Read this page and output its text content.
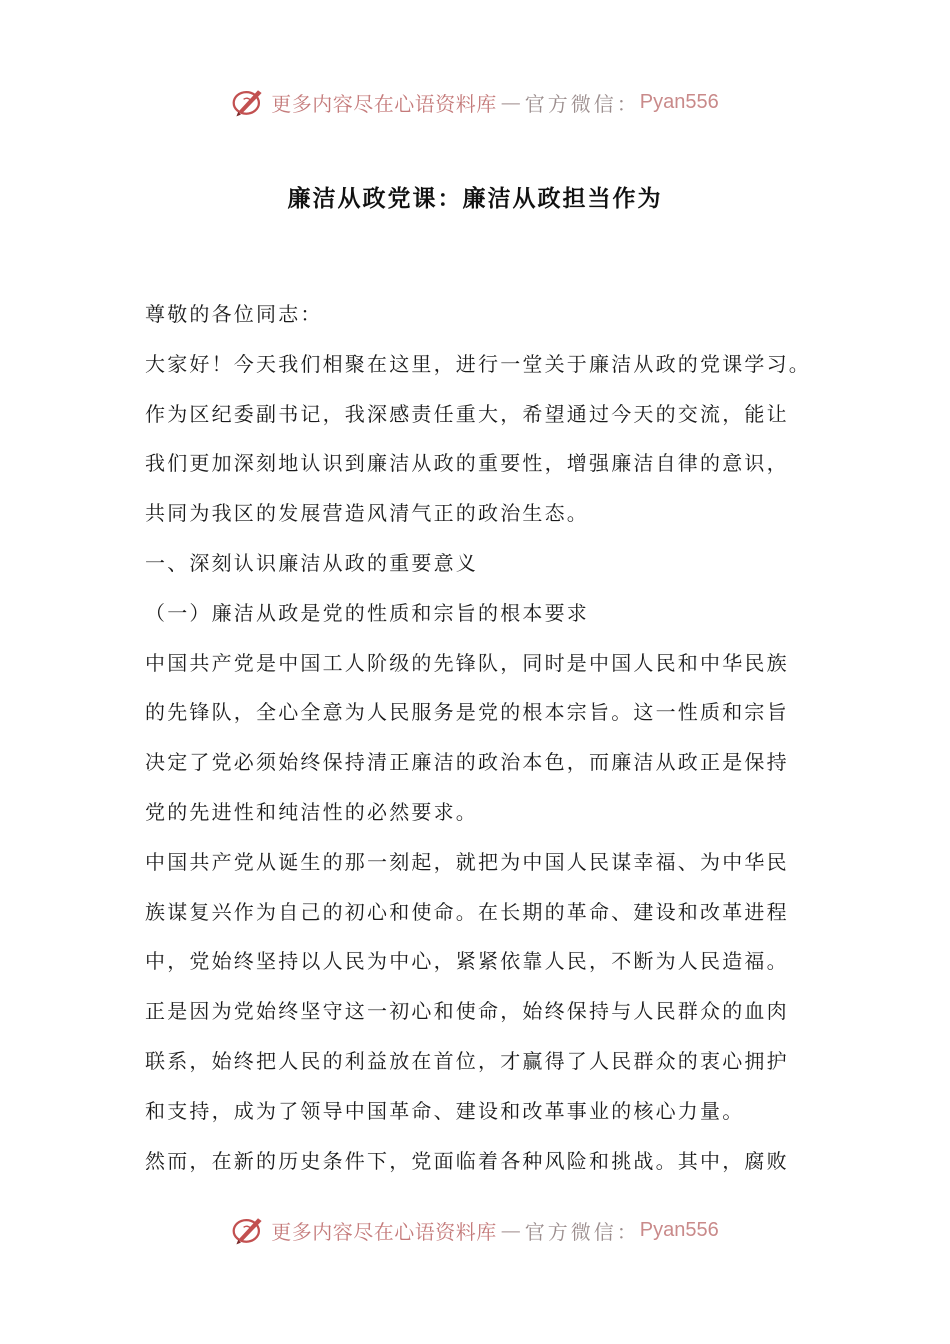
更多内容尽在心语资料库 — 官方微信： Pyan556
廉洁从政党课：廉洁从政担当作为
尊敬的各位同志：
大家好！今天我们相聚在这里，进行一堂关于廉洁从政的党课学习。
作为区纪委副书记，我深感责任重大，希望通过今天的交流，能让
我们更加深刻地认识到廉洁从政的重要性，增强廉洁自律的意识，
共同为我区的发展营造风清气正的政治生态。
一、深刻认识廉洁从政的重要意义
（一）廉洁从政是党的性质和宗旨的根本要求
中国共产党是中国工人阶级的先锋队，同时是中国人民和中华民族
的先锋队，全心全意为人民服务是党的根本宗旨。这一性质和宗旨
决定了党必须始终保持清正廉洁的政治本色，而廉洁从政正是保持
党的先进性和纯洁性的必然要求。
中国共产党从诞生的那一刻起，就把为中国人民谋幸福、为中华民
族谋复兴作为自己的初心和使命。在长期的革命、建设和改革进程
中，党始终坚持以人民为中心，紧紧依靠人民，不断为人民造福。
正是因为党始终坚守这一初心和使命，始终保持与人民群众的血肉
联系，始终把人民的利益放在首位，才赢得了人民群众的衷心拥护
和支持，成为了领导中国革命、建设和改革事业的核心力量。
然而，在新的历史条件下，党面临着各种风险和挑战。其中，腐败
更多内容尽在心语资料库 — 官方微信： Pyan556
